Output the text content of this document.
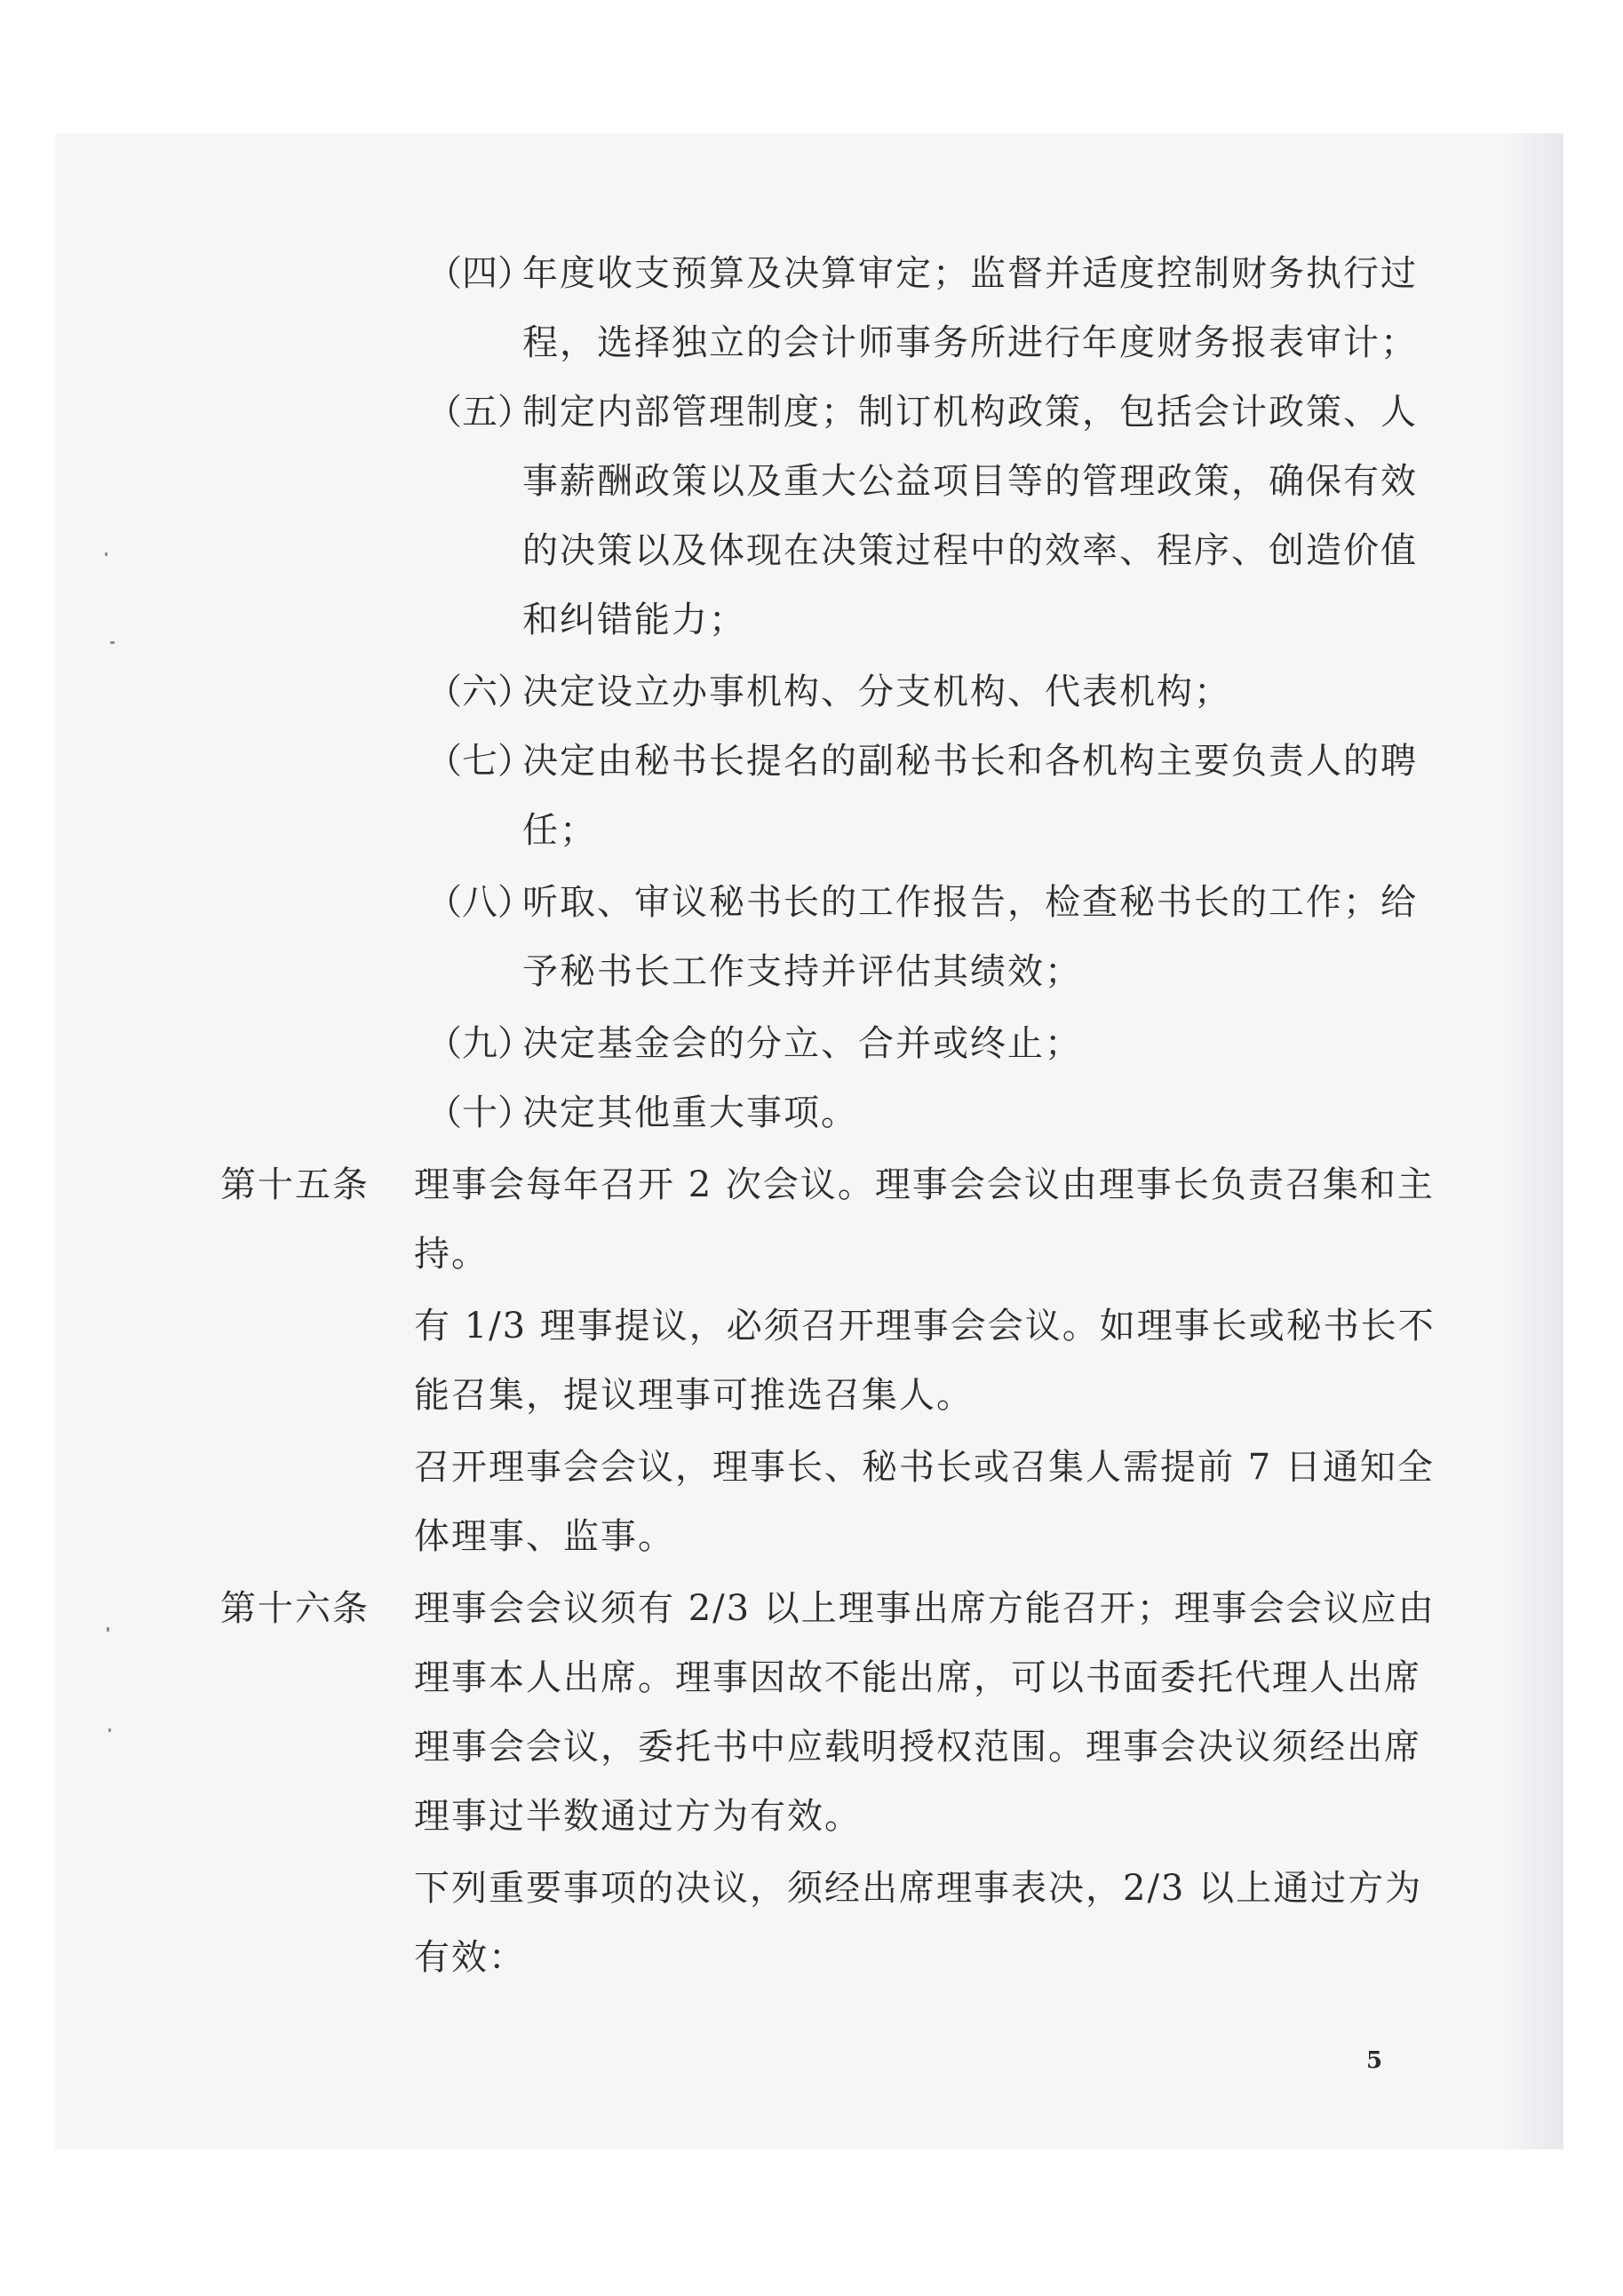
（四）
年度收支预算及决算审定；监督并适度控制财务执行过
程，选择独立的会计师事务所进行年度财务报表审计；
（五）
制定内部管理制度；制订机构政策，包括会计政策、人
事薪酬政策以及重大公益项目等的管理政策，确保有效
的决策以及体现在决策过程中的效率、程序、创造价值
和纠错能力；
（六）
决定设立办事机构、分支机构、代表机构；
（七）
决定由秘书长提名的副秘书长和各机构主要负责人的聘
任；
（八）
听取、审议秘书长的工作报告，检查秘书长的工作；给
予秘书长工作支持并评估其绩效；
（九）
决定基金会的分立、合并或终止；
（十）
决定其他重大事项。
第十五条 理事会每年召开 2 次会议。理事会会议由理事长负责召集和主
持。
有 1/3 理事提议，必须召开理事会会议。如理事长或秘书长不
能召集，提议理事可推选召集人。
召开理事会会议，理事长、秘书长或召集人需提前 7 日通知全
体理事、监事。
第十六条 理事会会议须有 2/3 以上理事出席方能召开；理事会会议应由
理事本人出席。理事因故不能出席，可以书面委托代理人出席
理事会会议，委托书中应载明授权范围。理事会决议须经出席
理事过半数通过方为有效。
下列重要事项的决议，须经出席理事表决，2/3 以上通过方为
有效：
5
